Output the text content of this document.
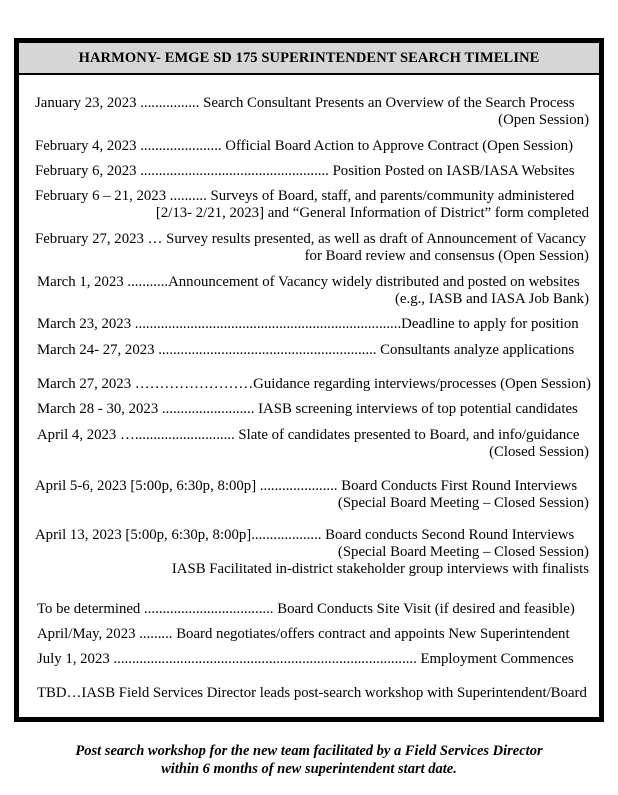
HARMONY- EMGE SD 175 SUPERINTENDENT SEARCH TIMELINE
January 23, 2023 ................ Search Consultant Presents an Overview of the Search Process
(Open Session)
February 4, 2023 ...................... Official Board Action to Approve Contract (Open Session)
February 6, 2023 ................................................... Position Posted on IASB/IASA Websites
February 6 – 21, 2023 .......... Surveys of Board, staff, and parents/community administered
[2/13- 2/21, 2023] and “General Information of District” form completed
February 27, 2023 … Survey results presented, as well as draft of Announcement of Vacancy
for Board review and consensus (Open Session)
March 1, 2023 ...........Announcement of Vacancy widely distributed and posted on websites
(e.g., IASB and IASA Job Bank)
March 23, 2023 ........................................................................Deadline to apply for position
March 24- 27, 2023 ........................................................... Consultants analyze applications
March 27, 2023 ……………………Guidance regarding interviews/processes (Open Session)
March 28 - 30, 2023 ......................... IASB screening interviews of top potential candidates
April 4, 2023 …........................... Slate of candidates presented to Board, and info/guidance
(Closed Session)
April 5-6, 2023 [5:00p, 6:30p, 8:00p] ..................... Board Conducts First Round Interviews
(Special Board Meeting – Closed Session)
April 13, 2023 [5:00p, 6:30p, 8:00p]................... Board conducts Second Round Interviews
(Special Board Meeting – Closed Session)
IASB Facilitated in-district stakeholder group interviews with finalists
To be determined ................................... Board Conducts Site Visit (if desired and feasible)
April/May, 2023 ......... Board negotiates/offers contract and appoints New Superintendent
July 1, 2023 .................................................................................. Employment Commences
TBD…IASB Field Services Director leads post-search workshop with Superintendent/Board
Post search workshop for the new team facilitated by a Field Services Director
within 6 months of new superintendent start date.
